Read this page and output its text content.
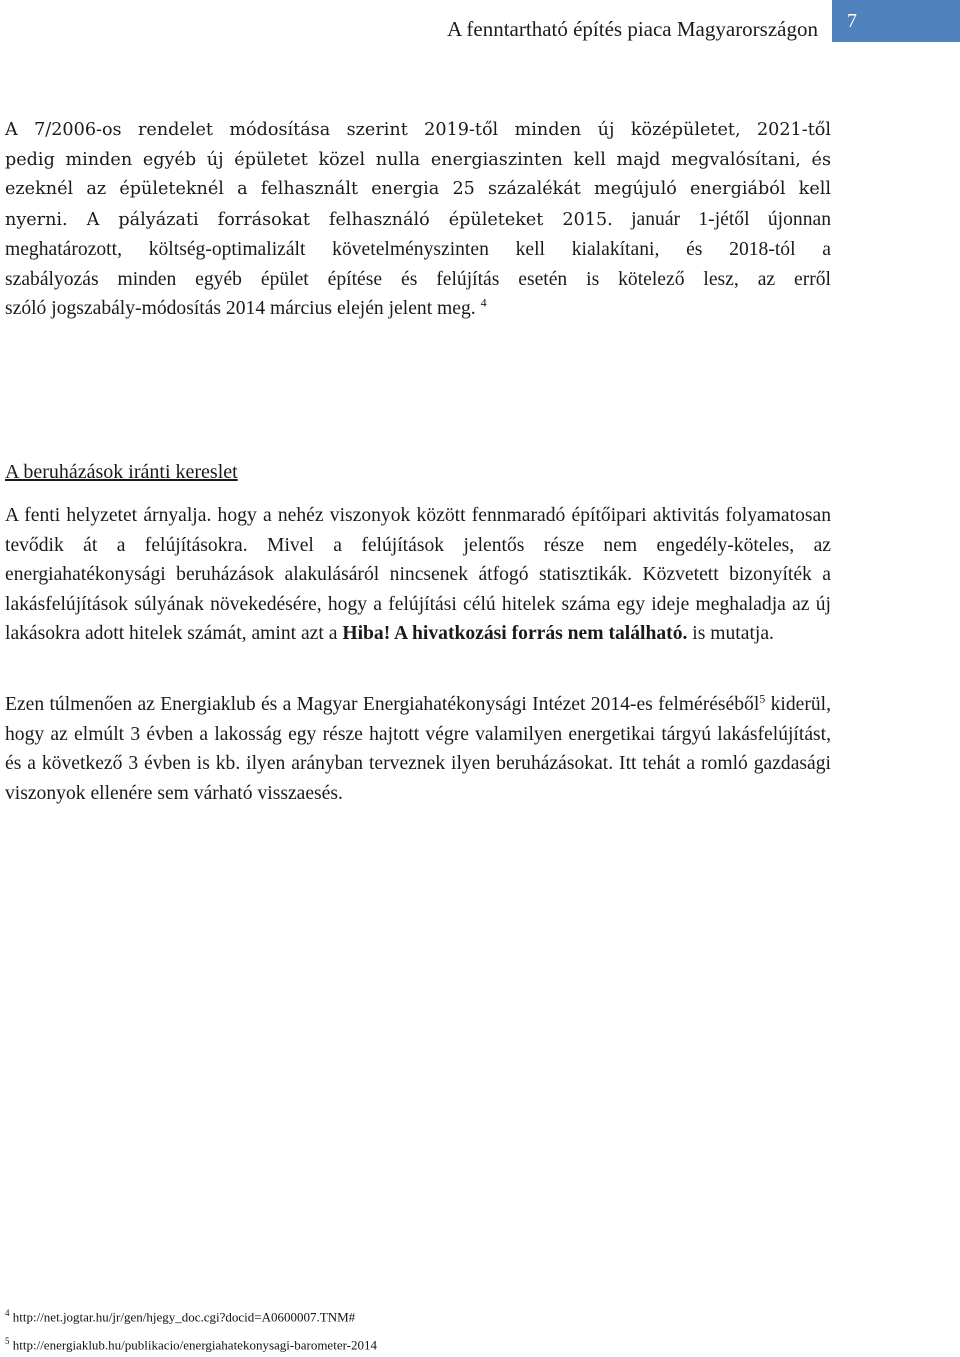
A fenntartható építés piaca Magyarországon	7

A 7/2006-os rendelet módosítása szerint 2019-től minden új középületet, 2021-től

pedig minden egyéb új épületet közel nulla energiaszinten kell majd megvalósítani, és

ezeknél az épületeknél a felhasznált energia 25 százalékát megújuló energiából kell

nyerni. A pályázati forrásokat felhasználó épületeket 2015. január 1-jétől újonnan

meghatározott, költség-optimalizált követelményszinten kell kialakítani, és 2018-tól a

szabályozás minden egyéb épület építése és felújítás esetén is kötelező lesz, az erről

szóló jogszabály-módosítás 2014 március elején jelent meg. $^4$

A beruházások iránti kereslet

A fenti helyzetet árnyalja. hogy a nehéz viszonyok között fennmaradó építőipari aktivitás folyamatosan tevődik át a felújításokra. Mivel a felújítások jelentős része nem engedély-köteles, az energiahatékonysági beruházások alakulásáról nincsenek átfogó statisztikák. Közvetett bizonyíték a lakásfelújítások súlyának növekedésére, hogy a felújítási célú hitelek száma egy ideje meghaladja az új lakásokra adott hitelek számát, amint azt a Hiba! A hivatkozási forrás nem található. is mutatja.

Ezen túlmenően az Energiaklub és a Magyar Energiahatékonysági Intézet 2014-es felméréséből$^5$ kiderül, hogy az elmúlt 3 évben a lakosság egy része hajtott végre valamilyen energetikai tárgyú lakásfelújítást, és a következő 3 évben is kb. ilyen arányban terveznek ilyen beruházásokat. Itt tehát a romló gazdasági viszonyok ellenére sem várható visszaesés.

$^4$ http://net.jogtar.hu/jr/gen/hjegy_doc.cgi?docid=A0600007.TNM#
$^5$ http://energiaklub.hu/publikacio/energiahatekonysagi-barometer-2014
